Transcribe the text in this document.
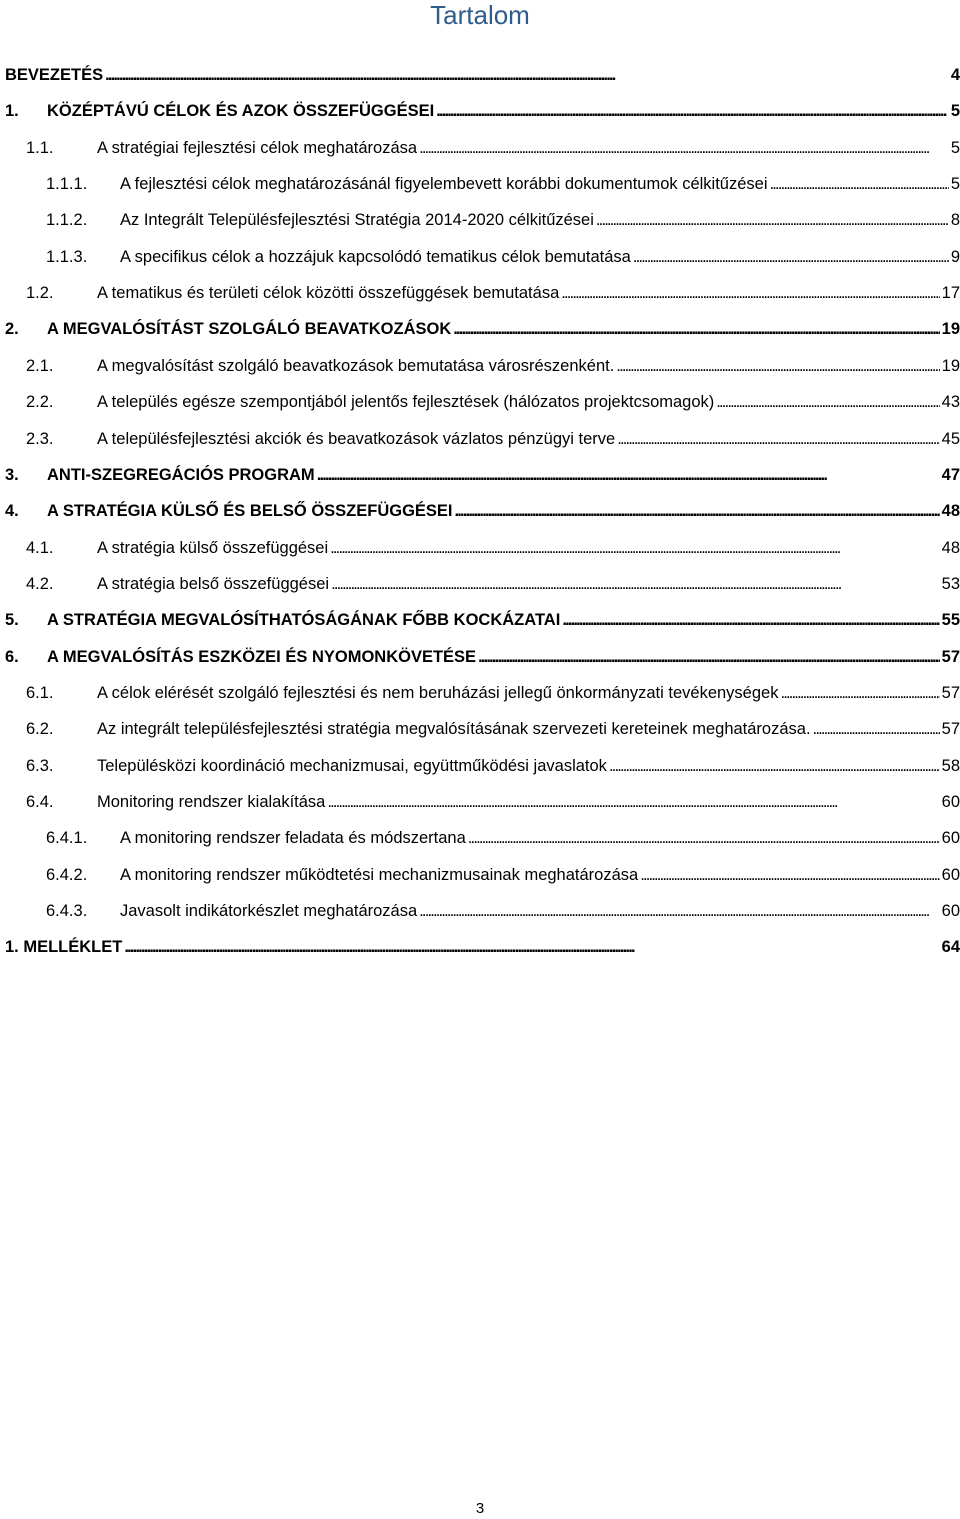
Tartalom
BEVEZETÉS . . .	4
1.	KÖZÉPTÁVÚ CÉLOK ÉS AZOK ÖSSZEFÜGGÉSEI . . .	5
1.1.	A stratégiai fejlesztési célok meghatározása . . .	5
1.1.1.	A fejlesztési célok meghatározásánál figyelembevett korábbi dokumentumok célkitűzései . . .	5
1.1.2.	Az Integrált Településfejlesztési Stratégia 2014-2020 célkitűzései . . .	8
1.1.3.	A specifikus célok a hozzájuk kapcsolódó tematikus célok bemutatása . . .	9
1.2.	A tematikus és területi célok közötti összefüggések bemutatása . . .	17
2.	A MEGVALÓSÍTÁST SZOLGÁLÓ BEAVATKOZÁSOK . . .	19
2.1.	A megvalósítást szolgáló beavatkozások bemutatása városrészenként. . . .	19
2.2.	A település egésze szempontjából jelentős fejlesztések (hálózatos projektcsomagok) . . .	43
2.3.	A településfejlesztési akciók és beavatkozások vázlatos pénzügyi terve . . .	45
3.	ANTI-SZEGREGÁCIÓS PROGRAM . . .	47
4.	A STRATÉGIA KÜLSŐ ÉS BELSŐ ÖSSZEFÜGGÉSEI . . .	48
4.1.	A stratégia külső összefüggései . . .	48
4.2.	A stratégia belső összefüggései . . .	53
5.	A STRATÉGIA MEGVALÓSÍTHATÓSÁGÁNAK FŐBB KOCKÁZATAI . . .	55
6.	A MEGVALÓSÍTÁS ESZKÖZEI ÉS NYOMONKÖVETÉSE . . .	57
6.1.	A célok elérését szolgáló fejlesztési és nem beruházási jellegű önkormányzati tevékenységek . . .	57
6.2.	Az integrált településfejlesztési stratégia megvalósításának szervezeti kereteinek meghatározása. . . .	57
6.3.	Településközi koordináció mechanizmusai, együttműködési javaslatok . . .	58
6.4.	Monitoring rendszer kialakítása . . .	60
6.4.1.	A monitoring rendszer feladata és módszertana . . .	60
6.4.2.	A monitoring rendszer működtetési mechanizmusainak meghatározása . . .	60
6.4.3.	Javasolt indikátorkészlet meghatározása . . .	60
1. MELLÉKLET . . .	64
3
